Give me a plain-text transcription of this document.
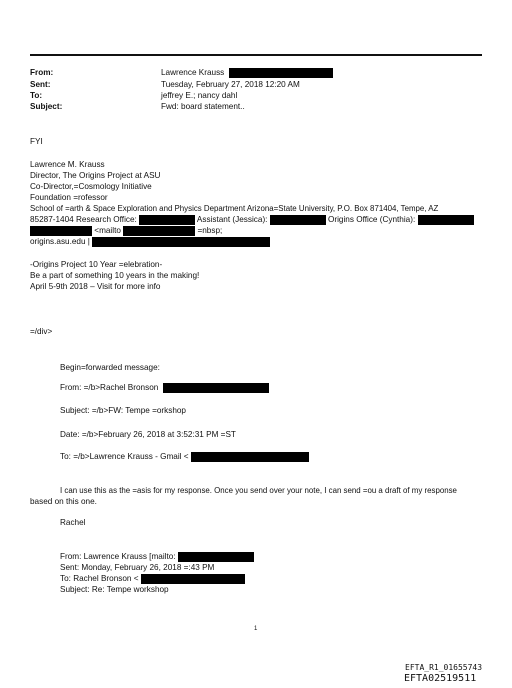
From:	Lawrence Krauss
Sent:	Tuesday, February 27, 2018 12:20 AM
To:	jeffrey E.; nancy dahl
Subject:	Fwd: board statement..
FYI
Lawrence M. Krauss
Director, The Origins Project at ASU
Co-Director,=Cosmology Initiative
Foundation =rofessor
School of =arth & Space Exploration and Physics Department Arizona=State University, P.O. Box 871404, Tempe, AZ
85287-1404 Research Office:	Assistant (Jessica):	Origins Office (Cynthia):
<mailto	=nbsp;
origins.asu.edu |
-Origins Project 10 Year =elebration-
Be a part of something 10 years in the making!
April 5-9th 2018 – Visit for more info
=/div>
Begin=forwarded message:
From: =/b>Rachel Bronson
Subject: =/b>FW: Tempe =orkshop
Date: =/b>February 26, 2018 at 3:52:31 PM =ST
To: =/b>Lawrence Krauss - Gmail <
I can use this as the =asis for my response. Once you send over your note, I can send =ou a draft of my response
based on this one.
Rachel
From: Lawrence Krauss [mailto:
Sent: Monday, February 26, 2018 =:43 PM
To: Rachel Bronson <
Subject: Re: Tempe workshop
1
EFTA_R1_01655743
EFTA02519511
